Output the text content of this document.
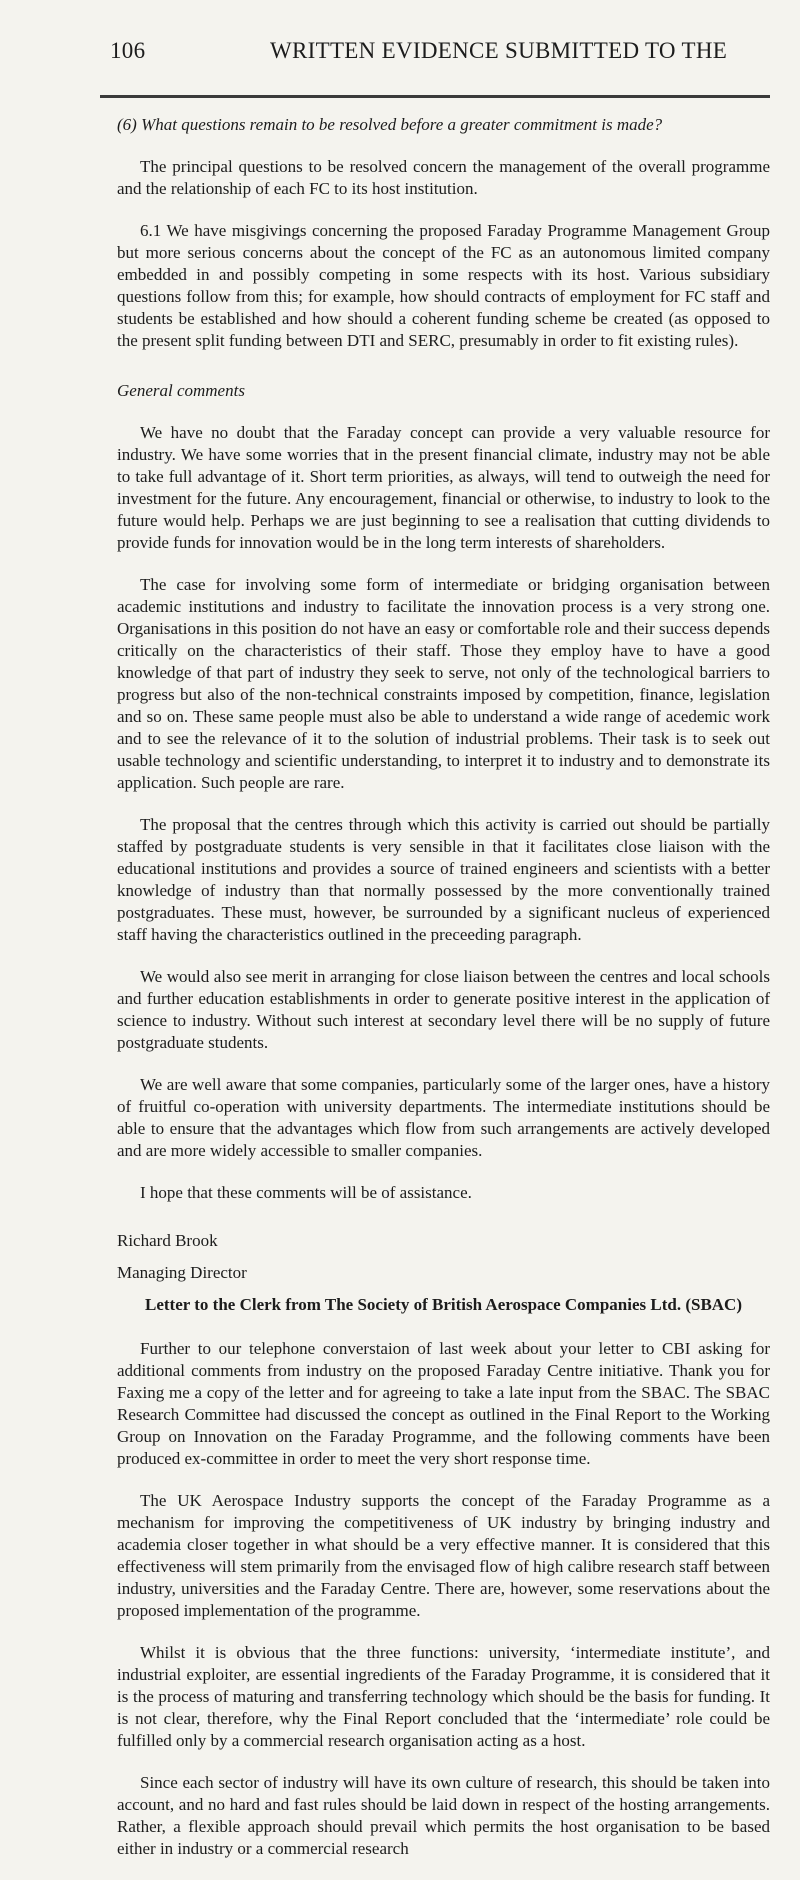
106	WRITTEN EVIDENCE SUBMITTED TO THE

(6) What questions remain to be resolved before a greater commitment is made?

The principal questions to be resolved concern the management of the overall programme and the relationship of each FC to its host institution.

6.1 We have misgivings concerning the proposed Faraday Programme Management Group but more serious concerns about the concept of the FC as an autonomous limited company embedded in and possibly competing in some respects with its host. Various subsidiary questions follow from this; for example, how should contracts of employment for FC staff and students be established and how should a coherent funding scheme be created (as opposed to the present split funding between DTI and SERC, presumably in order to fit existing rules).

General comments

We have no doubt that the Faraday concept can provide a very valuable resource for industry. We have some worries that in the present financial climate, industry may not be able to take full advantage of it. Short term priorities, as always, will tend to outweigh the need for investment for the future. Any encouragement, financial or otherwise, to industry to look to the future would help. Perhaps we are just beginning to see a realisation that cutting dividends to provide funds for innovation would be in the long term interests of shareholders.

The case for involving some form of intermediate or bridging organisation between academic institutions and industry to facilitate the innovation process is a very strong one. Organisations in this position do not have an easy or comfortable role and their success depends critically on the characteristics of their staff. Those they employ have to have a good knowledge of that part of industry they seek to serve, not only of the technological barriers to progress but also of the non-technical constraints imposed by competition, finance, legislation and so on. These same people must also be able to understand a wide range of acedemic work and to see the relevance of it to the solution of industrial problems. Their task is to seek out usable technology and scientific understanding, to interpret it to industry and to demonstrate its application. Such people are rare.

The proposal that the centres through which this activity is carried out should be partially staffed by postgraduate students is very sensible in that it facilitates close liaison with the educational institutions and provides a source of trained engineers and scientists with a better knowledge of industry than that normally possessed by the more conventionally trained postgraduates. These must, however, be surrounded by a significant nucleus of experienced staff having the characteristics outlined in the preceeding paragraph.

We would also see merit in arranging for close liaison between the centres and local schools and further education establishments in order to generate positive interest in the application of science to industry. Without such interest at secondary level there will be no supply of future postgraduate students.

We are well aware that some companies, particularly some of the larger ones, have a history of fruitful co-operation with university departments. The intermediate institutions should be able to ensure that the advantages which flow from such arrangements are actively developed and are more widely accessible to smaller companies.

I hope that these comments will be of assistance.

Richard Brook

Managing Director

Letter to the Clerk from The Society of British Aerospace Companies Ltd. (SBAC)

Further to our telephone converstaion of last week about your letter to CBI asking for additional comments from industry on the proposed Faraday Centre initiative. Thank you for Faxing me a copy of the letter and for agreeing to take a late input from the SBAC. The SBAC Research Committee had discussed the concept as outlined in the Final Report to the Working Group on Innovation on the Faraday Programme, and the following comments have been produced ex-committee in order to meet the very short response time.

The UK Aerospace Industry supports the concept of the Faraday Programme as a mechanism for improving the competitiveness of UK industry by bringing industry and academia closer together in what should be a very effective manner. It is considered that this effectiveness will stem primarily from the envisaged flow of high calibre research staff between industry, universities and the Faraday Centre. There are, however, some reservations about the proposed implementation of the programme.

Whilst it is obvious that the three functions: university, ‘intermediate institute’, and industrial exploiter, are essential ingredients of the Faraday Programme, it is considered that it is the process of maturing and transferring technology which should be the basis for funding. It is not clear, therefore, why the Final Report concluded that the ‘intermediate’ role could be fulfilled only by a commercial research organisation acting as a host.

Since each sector of industry will have its own culture of research, this should be taken into account, and no hard and fast rules should be laid down in respect of the hosting arrangements. Rather, a flexible approach should prevail which permits the host organisation to be based either in industry or a commercial research
